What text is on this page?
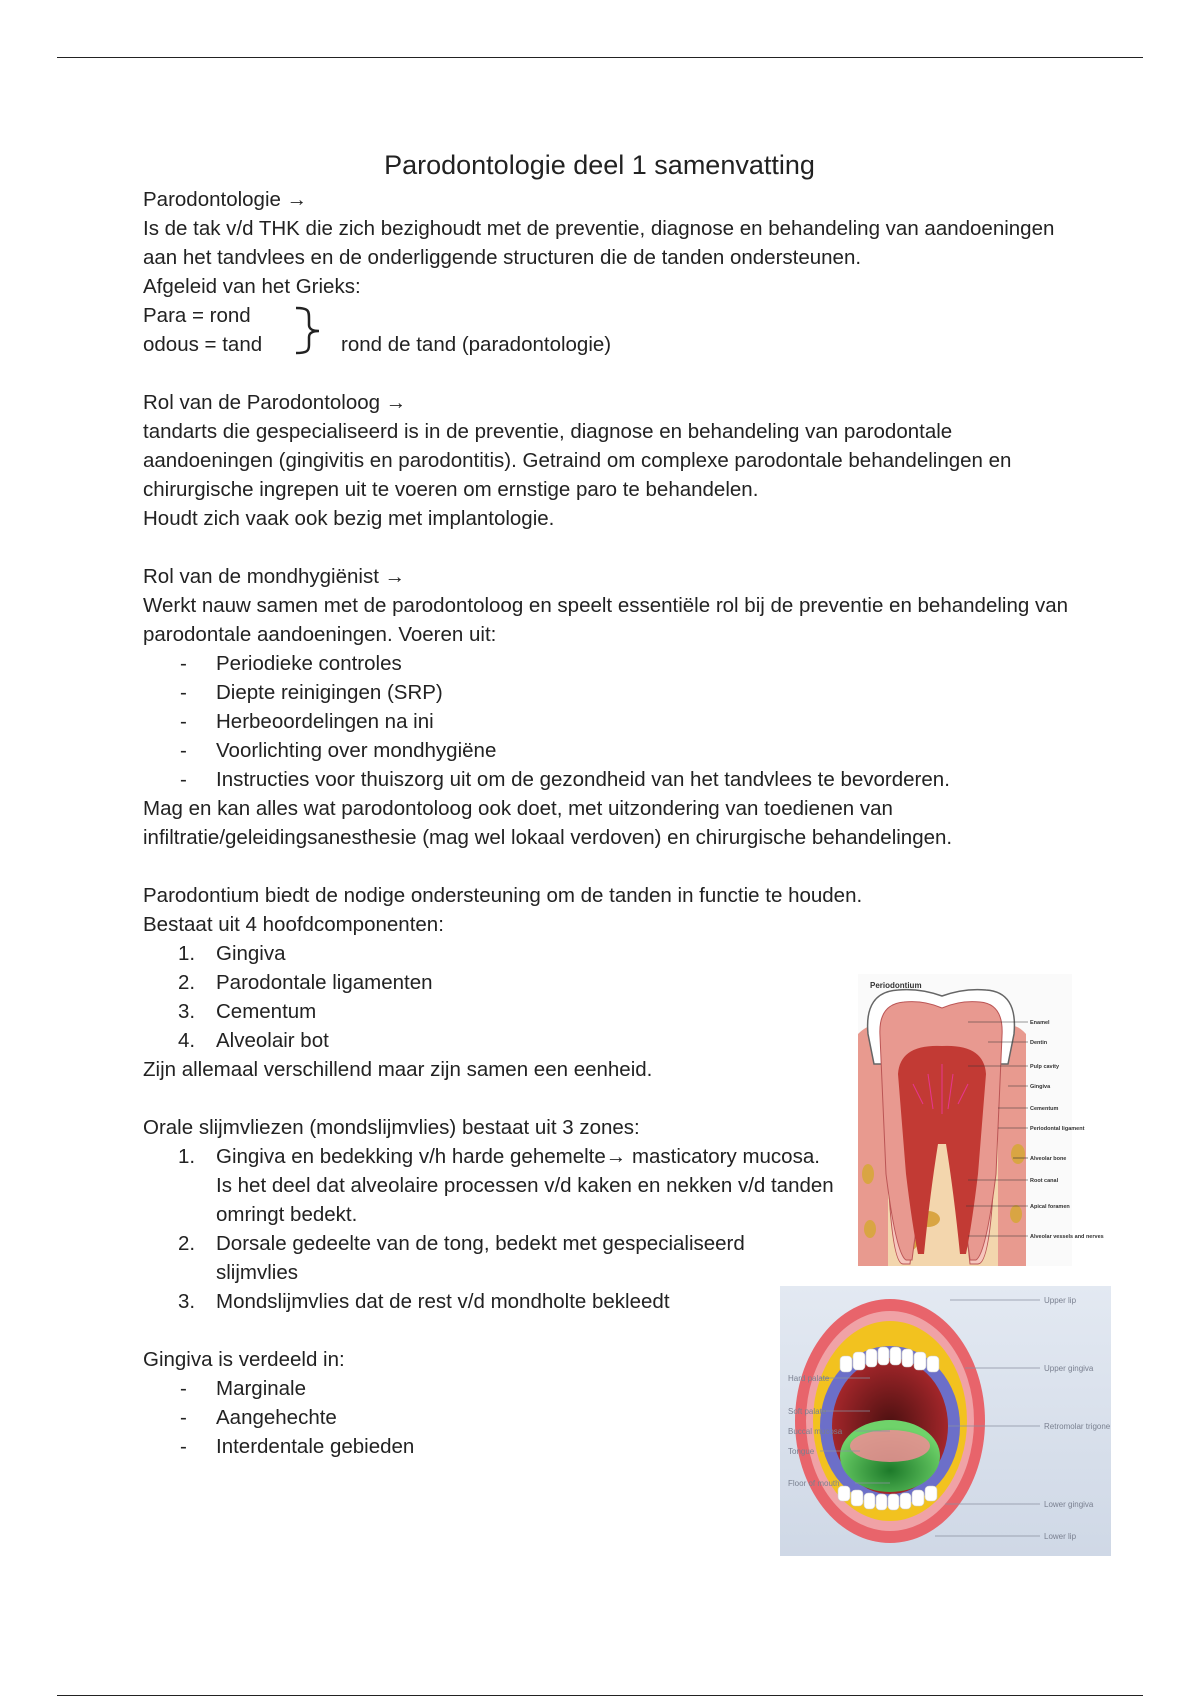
Parodontologie deel 1 samenvatting

Parodontologie →

Is de tak v/d THK die zich bezighoudt met de preventie, diagnose en behandeling van aandoeningen aan het tandvlees en de onderliggende structuren die de tanden ondersteunen.

Afgeleid van het Grieks:

Para = rond
odous = tand	rond de tand (paradontologie)

Rol van de Parodontoloog →

tandarts die gespecialiseerd is in de preventie, diagnose en behandeling van parodontale aandoeningen (gingivitis en parodontitis). Getraind om complexe parodontale behandelingen en chirurgische ingrepen uit te voeren om ernstige paro te behandelen.

Houdt zich vaak ook bezig met implantologie.

Rol van de mondhygiënist →

Werkt nauw samen met de parodontoloog en speelt essentiële rol bij de preventie en behandeling van parodontale aandoeningen. Voeren uit:

- Periodieke controles
- Diepte reinigingen (SRP)
- Herbeoordelingen na ini
- Voorlichting over mondhygiëne
- Instructies voor thuiszorg uit om de gezondheid van het tandvlees te bevorderen.

Mag en kan alles wat parodontoloog ook doet, met uitzondering van toedienen van infiltratie/geleidingsanesthesie (mag wel lokaal verdoven) en chirurgische behandelingen.

Parodontium biedt de nodige ondersteuning om de tanden in functie te houden.

Bestaat uit 4 hoofdcomponenten:

1. Gingiva
2. Parodontale ligamenten
3. Cementum
4. Alveolair bot

Zijn allemaal verschillend maar zijn samen een eenheid.

Orale slijmvliezen (mondslijmvlies) bestaat uit 3 zones:

1. Gingiva en bedekking v/h harde gehemelte→ masticatory mucosa.
Is het deel dat alveolaire processen v/d kaken en nekken v/d tanden omringt bedekt.
2. Dorsale gedeelte van de tong, bedekt met gespecialiseerd slijmvlies
3. Mondslijmvlies dat de rest v/d mondholte bekleedt

Gingiva is verdeeld in:

- Marginale
- Aangehechte
- Interdentale gebieden
Periodontium
Enamel
Dentin
Pulp cavity
Gingiva
Cementum
Periodontal ligament
Alveolar bone
Root canal
Apical foramen
Alveolar vessels and nerves
Upper lip
Upper gingiva
Hard palate
Soft palate
Retromolar trigone
Buccal mucosa
Tongue
Floor of mouth
Lower gingiva
Lower lip
